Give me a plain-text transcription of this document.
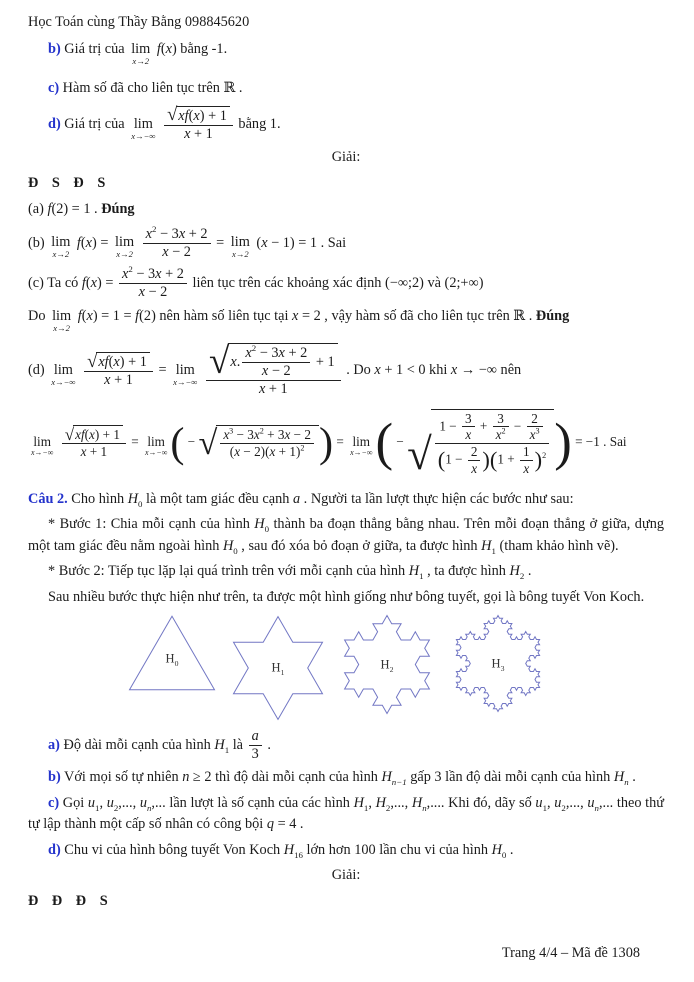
Học Toán cùng Thầy Bằng 098845620
b) Giá trị của lim
x→2
f(x) bằng -1.
c) Hàm số đã cho liên tục trên ℝ .
d) Giá trị của lim
x→−∞
$\frac{√ xf(x) + 1}{x + 1}$ bằng 1.
Giải:
Đ S Đ S
(a) f(2) = 1 . Đúng
(b) lim
x→2
f(x) = lim
x→2
$\frac{x^2 - 3x + 2}{x - 2} = \lim$
x→2
(x − 1) = 1 . Sai
(c) Ta có $f(x) = \frac{x^2 - 3x + 2}{x - 2}$ liên tục trên các khoảng xác định (−∞;2) và (2;+∞)
Do lim
x→2
f(x) = 1 = f(2) nên hàm số liên tục tại x = 2 , vậy hàm số đã cho liên tục trên ℝ . Đúng
(d) lim
x→−∞
$\frac{√ xf(x) + 1}{x + 1} = \lim$
x→−∞
$\frac{√ x. \frac{x^2 - 3x + 2}{x - 2} + 1}{x + 1}$ . Do x + 1 < 0 khi x → −∞ nên
lim
x→−∞
$\frac{√ xf(x) + 1}{x + 1} = \lim$
x→−∞ ( − √ $\frac{x^3 - 3x^2 + 3x - 2}{(x - 2)(x + 1)^2}$ ) = lim
x→−∞ ( − √ $\frac{1 - \frac{3}{x} + \frac{3}{x^2} - \frac{2}{x^3}}{(1 - \frac{2}{x} )(1 + \frac{1}{x} )^2}$ ) = −1 . Sai
Câu 2. Cho hình $H_0$ là một tam giác đều cạnh a . Người ta lần lượt thực hiện các bước như sau:
* Bước 1: Chia mỗi cạnh của hình $H_0$ thành ba đoạn thẳng bằng nhau. Trên mỗi đoạn thẳng ở giữa, dựng một tam giác đều nằm ngoài hình $H_0$ , sau đó xóa bỏ đoạn ở giữa, ta được hình $H_1$ (tham khảo hình vẽ).
* Bước 2: Tiếp tục lặp lại quá trình trên với mỗi cạnh của hình $H_1$ , ta được hình $H_2$ .
Sau nhiều bước thực hiện như trên, ta được một hình giống như bông tuyết, gọi là bông tuyết Von Koch.
$H_0$	$H_1$
$H_2$	$H_3$
a) Độ dài mỗi cạnh của hình $H_1$ là $\frac{a}{3}$ .
b) Với mọi số tự nhiên n ≥ 2 thì độ dài mỗi cạnh của hình $H_{n-1}$ gấp 3 lần độ dài mỗi cạnh của hình $H_n$ .
c) Gọi $u_1$, $u_2$,..., $u_n$,... lần lượt là số cạnh của các hình $H_1$, $H_2$,..., $H_n$,.... Khi đó, dãy số $u_1$, $u_2$,..., $u_n$,... theo thứ tự lập thành một cấp số nhân có công bội q = 4 .
d) Chu vi của hình bông tuyết Von Koch $H_{16}$ lớn hơn 100 lần chu vi của hình $H_0$ .
Giải:
Đ Đ Đ S
Trang 4/4 – Mã đề 1308
